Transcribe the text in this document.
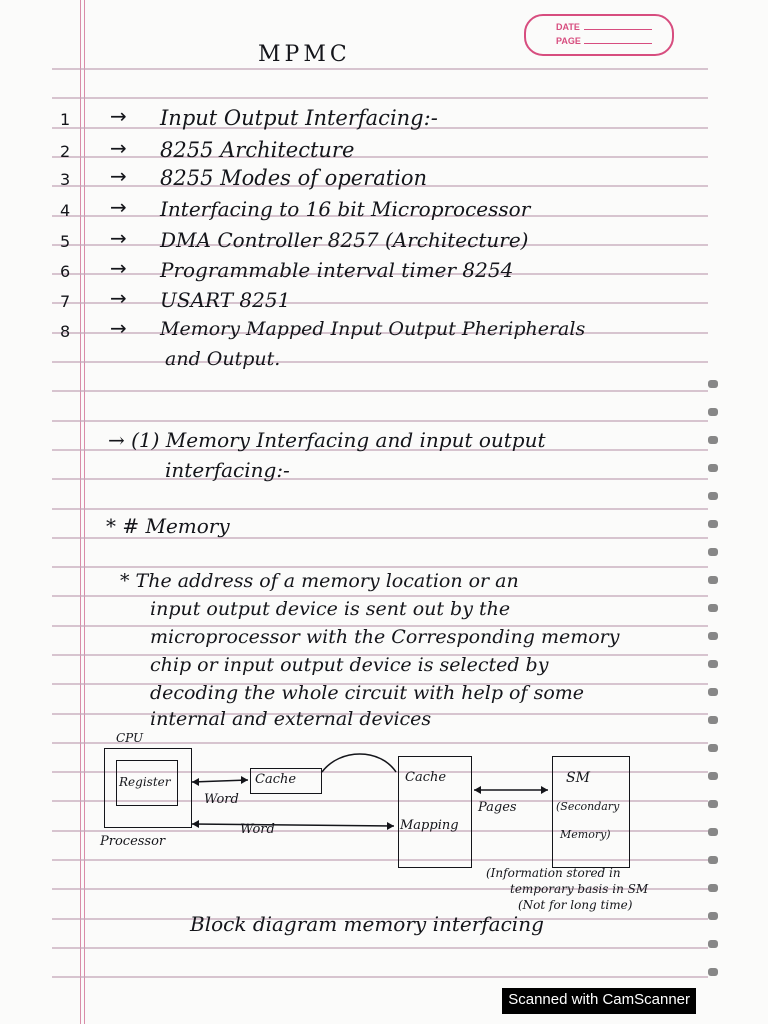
DATE
PAGE
MPMC
1 → Input Output Interfacing:-
2 → 8255 Architecture
3 → 8255 Modes of operation
4 → Interfacing to 16 bit Microprocessor
5 → DMA Controller 8257 (Architecture)
6 → Programmable interval timer 8254
7 → USART 8251
8 → Memory Mapped Input Output Pheripherals
and Output.
→ (1) Memory Interfacing and input output
interfacing:-
* # Memory
* The address of a memory location or an
input output device is sent out by the
microprocessor with the Corresponding memory
chip or input output device is selected by
decoding the whole circuit with help of some
internal and external devices
CPU
Register
Processor
Cache
Word
Word
Cache
Mapping
Pages
SM
(Secondary
Memory)
(Information stored in
temporary basis in SM
(Not for long time)
Block diagram memory interfacing
Scanned with CamScanner
